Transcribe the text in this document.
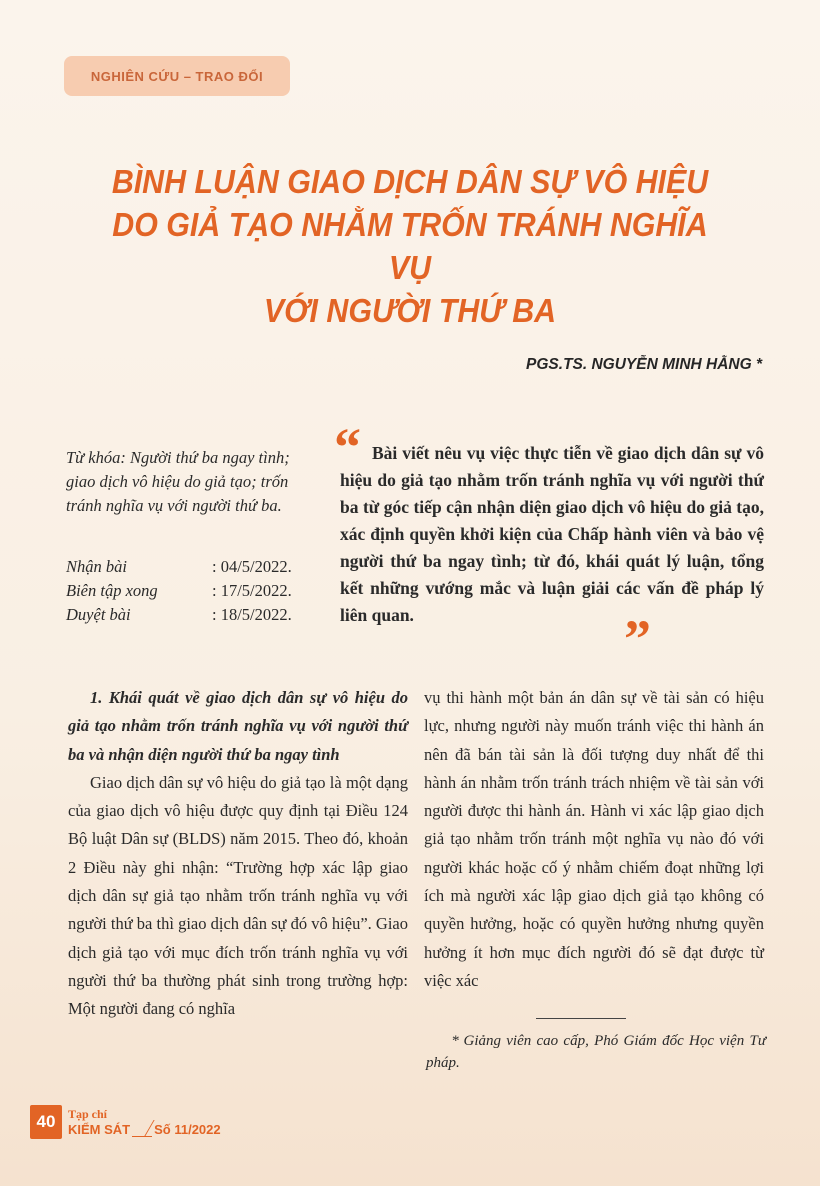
NGHIÊN CỨU – TRAO ĐỔI
BÌNH LUẬN GIAO DỊCH DÂN SỰ VÔ HIỆU
DO GIẢ TẠO NHẰM TRỐN TRÁNH NGHĨA VỤ
VỚI NGƯỜI THỨ BA
PGS.TS. NGUYỄN MINH HẰNG *
Từ khóa: Người thứ ba ngay tình; giao dịch vô hiệu do giả tạo; trốn tránh nghĩa vụ với người thứ ba.
Nhận bài	: 04/5/2022.
Biên tập xong	: 17/5/2022.
Duyệt bài	: 18/5/2022.
“ Bài viết nêu vụ việc thực tiễn về giao dịch dân sự vô hiệu do giả tạo nhằm trốn tránh nghĩa vụ với người thứ ba từ góc tiếp cận nhận diện giao dịch vô hiệu do giả tạo, xác định quyền khởi kiện của Chấp hành viên và bảo vệ người thứ ba ngay tình; từ đó, khái quát lý luận, tổng kết những vướng mắc và luận giải các vấn đề pháp lý liên quan.	”

1. Khái quát về giao dịch dân sự vô hiệu do giả tạo nhằm trốn tránh nghĩa vụ với người thứ ba và nhận diện người thứ ba ngay tình

Giao dịch dân sự vô hiệu do giả tạo là một dạng của giao dịch vô hiệu được quy định tại Điều 124 Bộ luật Dân sự (BLDS) năm 2015. Theo đó, khoản 2 Điều này ghi nhận: “Trường hợp xác lập giao dịch dân sự giả tạo nhằm trốn tránh nghĩa vụ với người thứ ba thì giao dịch dân sự đó vô hiệu”. Giao dịch giả tạo với mục đích trốn tránh nghĩa vụ với người thứ ba thường phát sinh trong trường hợp: Một người đang có nghĩa

vụ thi hành một bản án dân sự về tài sản có hiệu lực, nhưng người này muốn tránh việc thi hành án nên đã bán tài sản là đối tượng duy nhất để thi hành án nhằm trốn tránh trách nhiệm về tài sản với người được thi hành án. Hành vi xác lập giao dịch giả tạo nhằm trốn tránh một nghĩa vụ nào đó với người khác hoặc cố ý nhằm chiếm đoạt những lợi ích mà người xác lập giao dịch giả tạo không có quyền hưởng, hoặc có quyền hưởng nhưng quyền hưởng ít hơn mục đích người đó sẽ đạt được từ việc xác

* Giảng viên cao cấp, Phó Giám đốc Học viện Tư pháp.
40	Tạp chí
KIỂM SÁT Số 11/2022
